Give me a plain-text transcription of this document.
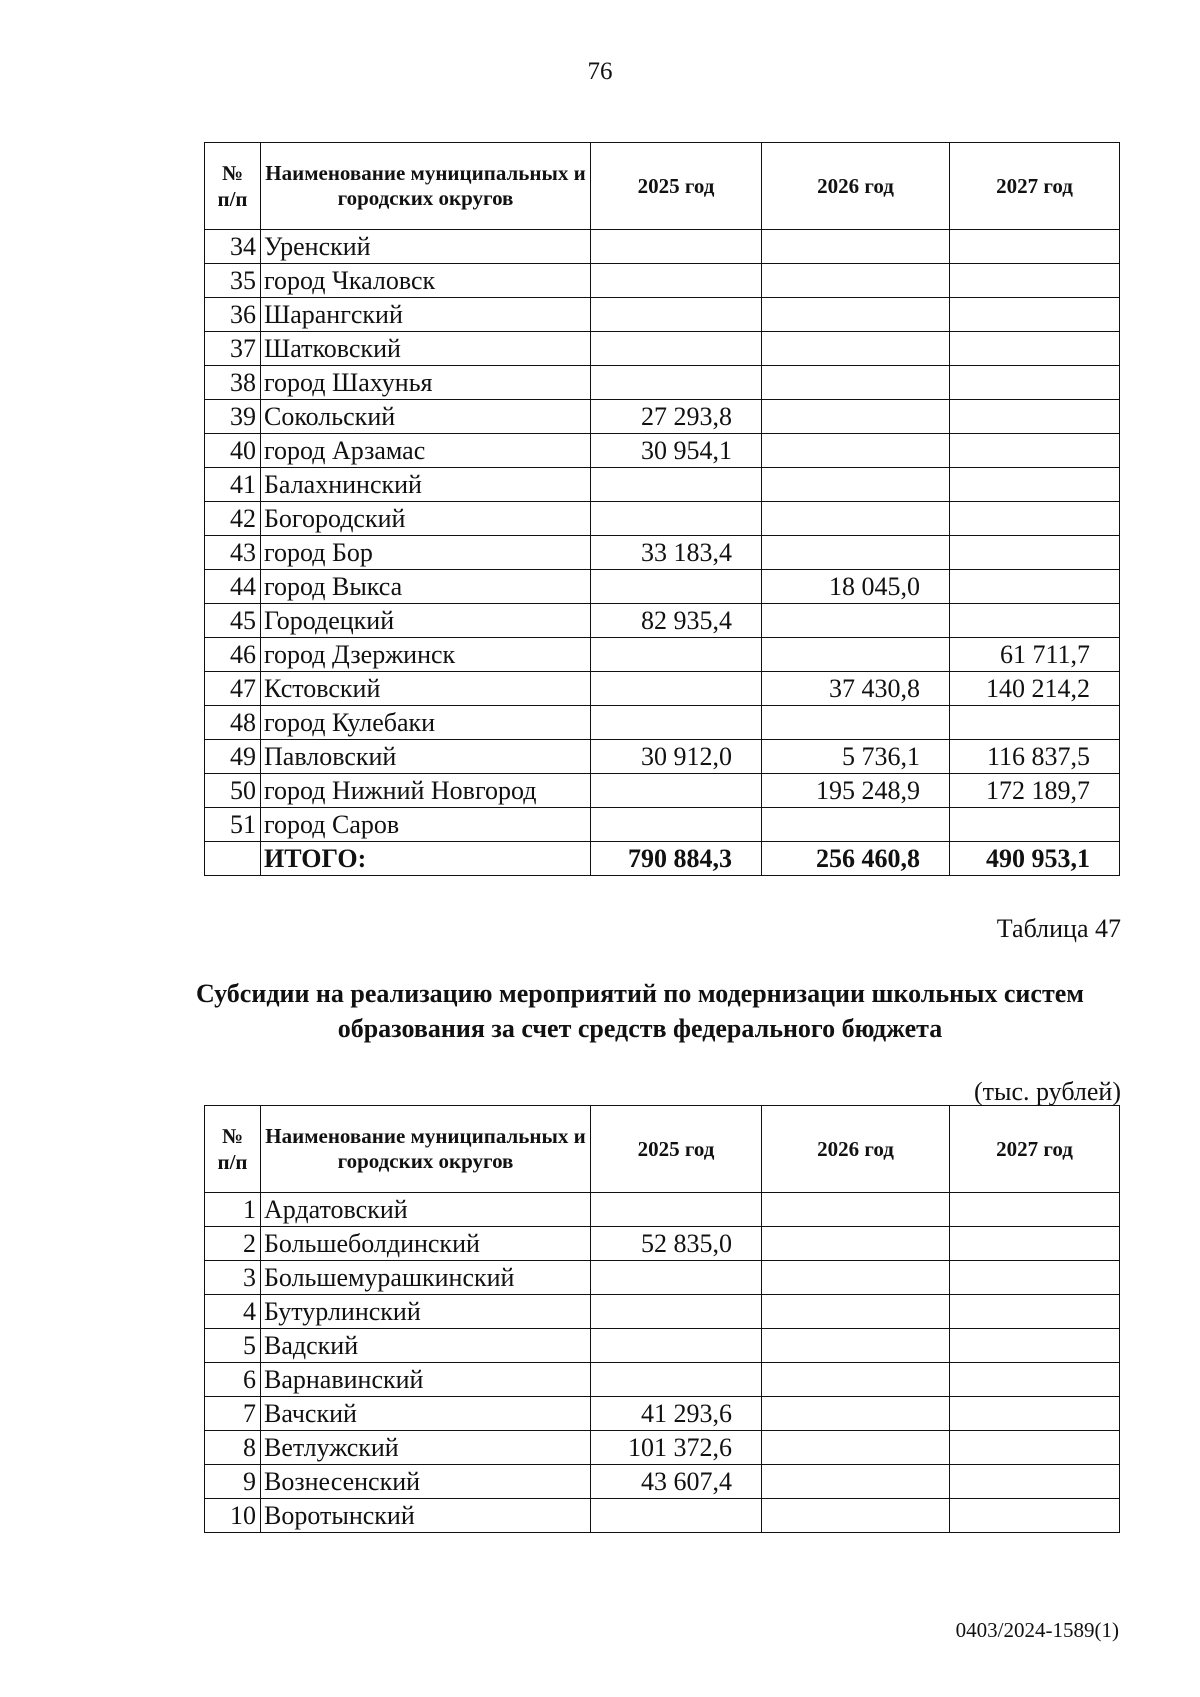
76
№
п/п	Наименование муниципальных и городских округов	2025 год	2026 год	2027 год
34	Уренский			
35	город Чкаловск			
36	Шарангский			
37	Шатковский			
38	город Шахунья			
39	Сокольский	27 293,8		
40	город Арзамас	30 954,1		
41	Балахнинский			
42	Богородский			
43	город Бор	33 183,4		
44	город Выкса		18 045,0	
45	Городецкий	82 935,4		
46	город Дзержинск			61 711,7
47	Кстовский		37 430,8	140 214,2
48	город Кулебаки			
49	Павловский	30 912,0	5 736,1	116 837,5
50	город Нижний Новгород		195 248,9	172 189,7
51	город Саров			
	ИТОГО:	790 884,3	256 460,8	490 953,1
Таблица 47
Субсидии на реализацию мероприятий по модернизации школьных систем образования за счет средств федерального бюджета
(тыс. рублей)
№
п/п	Наименование муниципальных и городских округов	2025 год	2026 год	2027 год
1	Ардатовский			
2	Большеболдинский	52 835,0		
3	Большемурашкинский			
4	Бутурлинский			
5	Вадский			
6	Варнавинский			
7	Вачский	41 293,6		
8	Ветлужский	101 372,6		
9	Вознесенский	43 607,4		
10	Воротынский			
0403/2024-1589(1)
